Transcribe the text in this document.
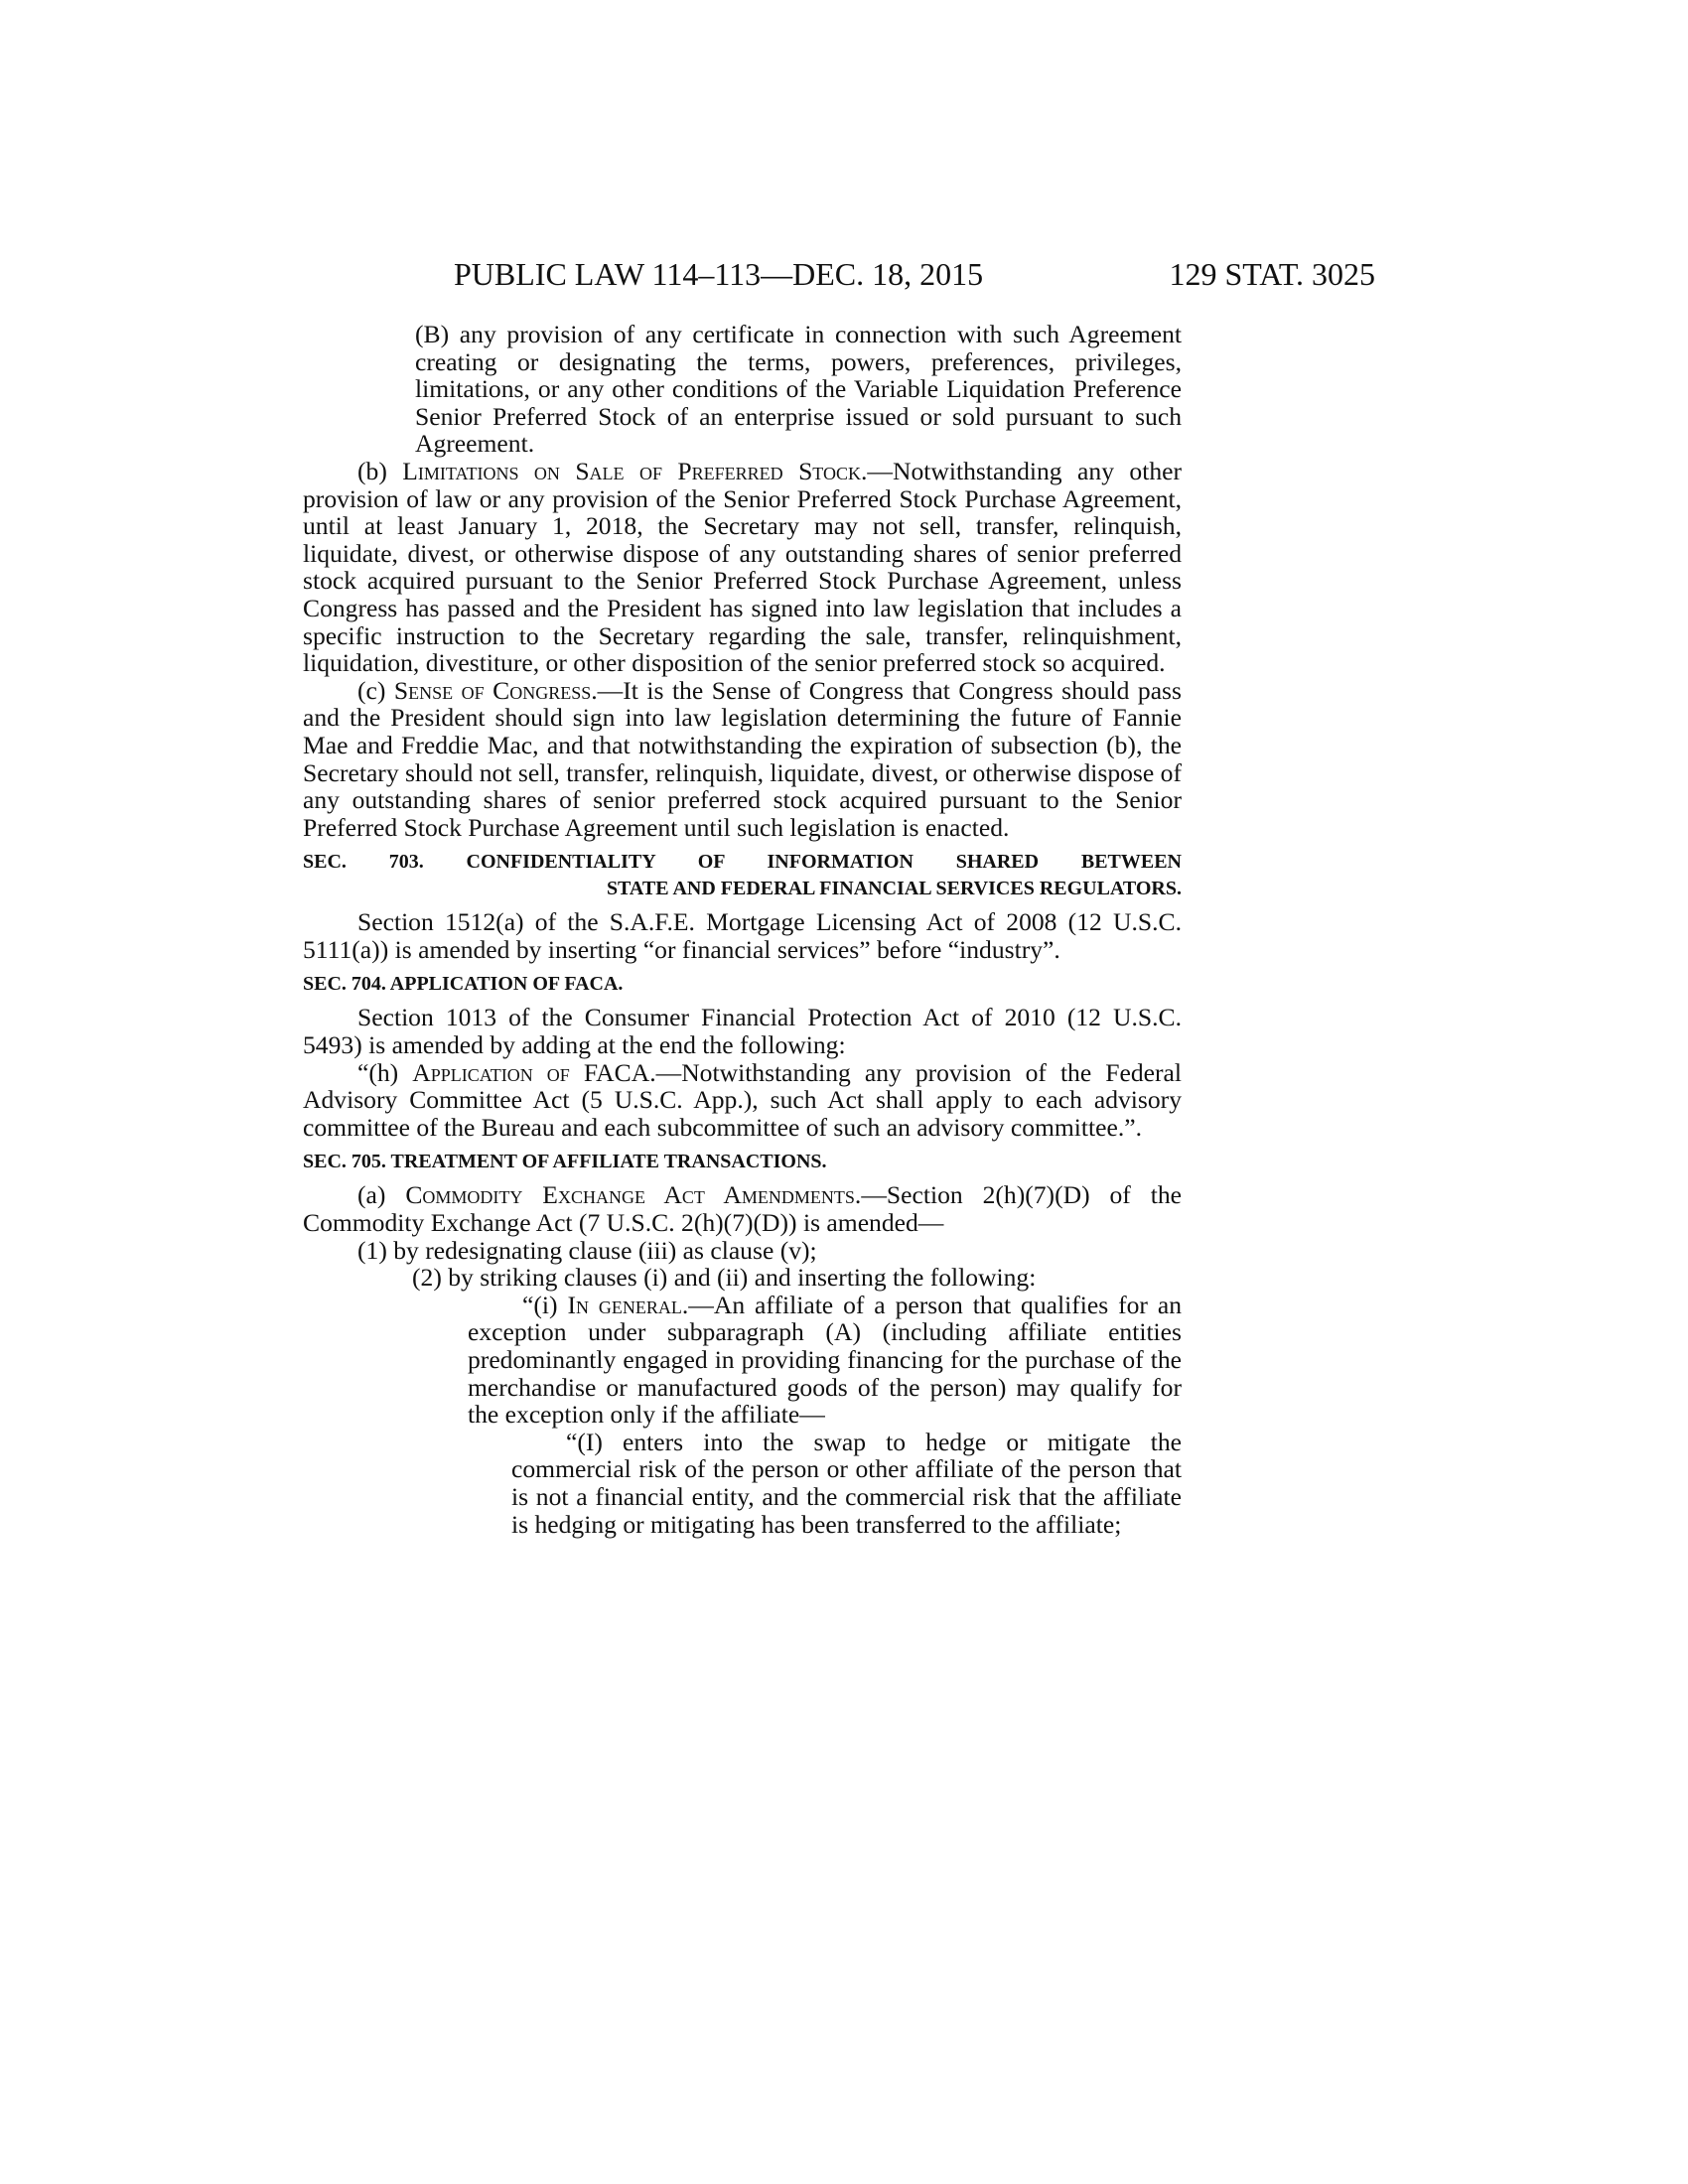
PUBLIC LAW 114–113—DEC. 18, 2015	129 STAT. 3025

(B) any provision of any certificate in connection with such Agreement creating or designating the terms, powers, preferences, privileges, limitations, or any other conditions of the Variable Liquidation Preference Senior Preferred Stock of an enterprise issued or sold pursuant to such Agreement.

(b) Limitations on Sale of Preferred Stock.—Notwithstanding any other provision of law or any provision of the Senior Preferred Stock Purchase Agreement, until at least January 1, 2018, the Secretary may not sell, transfer, relinquish, liquidate, divest, or otherwise dispose of any outstanding shares of senior preferred stock acquired pursuant to the Senior Preferred Stock Purchase Agreement, unless Congress has passed and the President has signed into law legislation that includes a specific instruction to the Secretary regarding the sale, transfer, relinquishment, liquidation, divestiture, or other disposition of the senior preferred stock so acquired.

(c) Sense of Congress.—It is the Sense of Congress that Congress should pass and the President should sign into law legislation determining the future of Fannie Mae and Freddie Mac, and that notwithstanding the expiration of subsection (b), the Secretary should not sell, transfer, relinquish, liquidate, divest, or otherwise dispose of any outstanding shares of senior preferred stock acquired pursuant to the Senior Preferred Stock Purchase Agreement until such legislation is enacted.

SEC. 703. CONFIDENTIALITY OF INFORMATION SHARED BETWEEN
STATE AND FEDERAL FINANCIAL SERVICES REGULATORS.

Section 1512(a) of the S.A.F.E. Mortgage Licensing Act of 2008 (12 U.S.C. 5111(a)) is amended by inserting “or financial services” before “industry”.

SEC. 704. APPLICATION OF FACA.

Section 1013 of the Consumer Financial Protection Act of 2010 (12 U.S.C. 5493) is amended by adding at the end the following:

“(h) Application of FACA.—Notwithstanding any provision of the Federal Advisory Committee Act (5 U.S.C. App.), such Act shall apply to each advisory committee of the Bureau and each subcommittee of such an advisory committee.”.

SEC. 705. TREATMENT OF AFFILIATE TRANSACTIONS.

(a) Commodity Exchange Act Amendments.—Section 2(h)(7)(D) of the Commodity Exchange Act (7 U.S.C. 2(h)(7)(D)) is amended—

(1) by redesignating clause (iii) as clause (v);

(2) by striking clauses (i) and (ii) and inserting the following:

“(i) In general.—An affiliate of a person that qualifies for an exception under subparagraph (A) (including affiliate entities predominantly engaged in providing financing for the purchase of the merchandise or manufactured goods of the person) may qualify for the exception only if the affiliate—

“(I) enters into the swap to hedge or mitigate the commercial risk of the person or other affiliate of the person that is not a financial entity, and the commercial risk that the affiliate is hedging or mitigating has been transferred to the affiliate;
